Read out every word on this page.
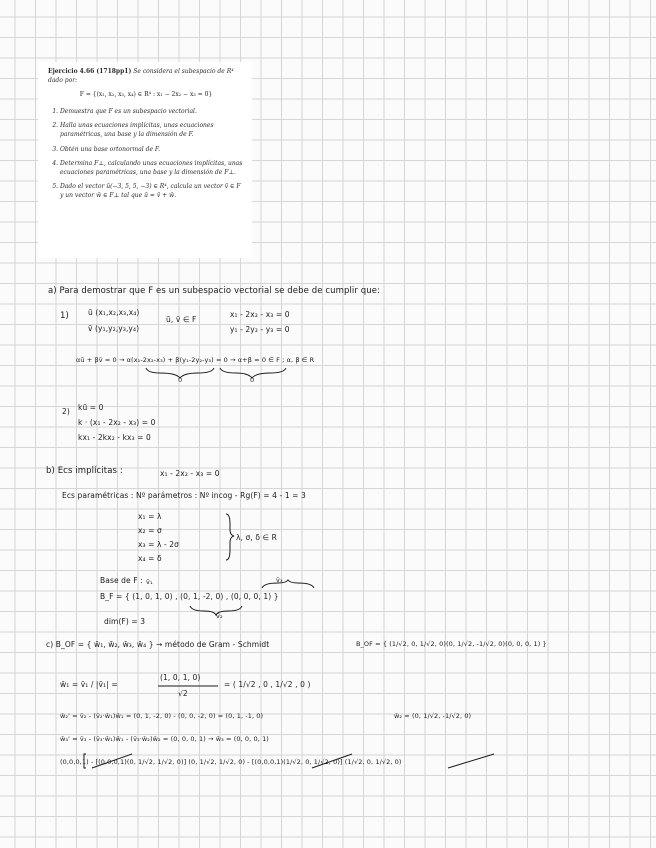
Ejercicio 4.66 (1718pp1) Se considera el subespacio de R⁴ dado por:
F = {(x₁, x₂, x₃, x₄) ∈ R⁴ : x₁ − 2x₂ − x₃ = 0}
1. Demuestra que F es un subespacio vectorial.
2. Halla unas ecuaciones implícitas, unas ecuaciones paramétricas, una base y la dimensión de F.
3. Obtén una base ortonormal de F.
4. Determina F⊥, calculando unas ecuaciones implícitas, unas ecuaciones paramétricas, una base y la dimensión de F⊥.
5. Dado el vector ū(−3, 5, 5, −3) ∈ R⁴, calcula un vector v̄ ∈ F y un vector w̄ ∈ F⊥ tal que ū = v̄ + w̄.
a) Para demostrar que F es un subespacio vectorial se debe de cumplir que:
1)	ū (x₁,x₂,x₃,x₄)
v̄ (y₁,y₂,y₃,y₄)
ū, v̄ ∈ F
x₁ - 2x₂ - x₃ = 0
y₁ - 2y₂ - y₃ = 0
αū + βv̄ = 0 → α(x₁-2x₂-x₃) + β(y₁-2y₂-y₃) = 0 → α+β = 0 ∈ F ; α, β ∈ R
0	0
2) kū = 0
k · (x₁ - 2x₂ - x₃) = 0
kx₁ - 2kx₂ - kx₃ = 0
b) Ecs implícitas :	x₁ - 2x₂ - x₃ = 0
Ecs paramétricas : Nº parámetros : Nº incog - Rg(F) = 4 - 1 = 3
x₁ = λ
x₂ = σ
x₃ = λ - 2σ
x₄ = δ
λ, σ, δ ∈ R
Base de F : v̄₁	v̄₃
B_F = { (1, 0, 1, 0) , (0, 1, -2, 0) , (0, 0, 0, 1) }
v̄₂
dim(F) = 3
c) B_OF = { w̄₁, w̄₂, w̄₃, w̄₄ } → método de Gram - Schmidt	B_OF = { (1/√2, 0, 1/√2, 0)(0, 1/√2, -1/√2, 0)(0, 0, 0, 1) }
w̄₁ = v̄₁ / |v̄₁| =
(1, 0, 1, 0)
√2
= ( 1/√2 , 0 , 1/√2 , 0 )
w̄₂' = v̄₂ - (v̄₂·w̄₁)w̄₁ = (0, 1, -2, 0) - (0, 0, -2, 0) = (0, 1, -1, 0)	w̄₂ = (0, 1/√2, -1/√2, 0)
w̄₃' = v̄₃ - (v̄₃·w̄₁)w̄₁ - (v̄₃·w̄₂)w̄₂ = (0, 0, 0, 1) → w̄₃ = (0, 0, 0, 1)
(0,0,0,1) - [(0,0,0,1)(0, 1/√2, 1/√2, 0)] (0, 1/√2, 1/√2, 0) - [(0,0,0,1)(1/√2, 0, 1/√2, 0)] (1/√2, 0, 1/√2, 0)
